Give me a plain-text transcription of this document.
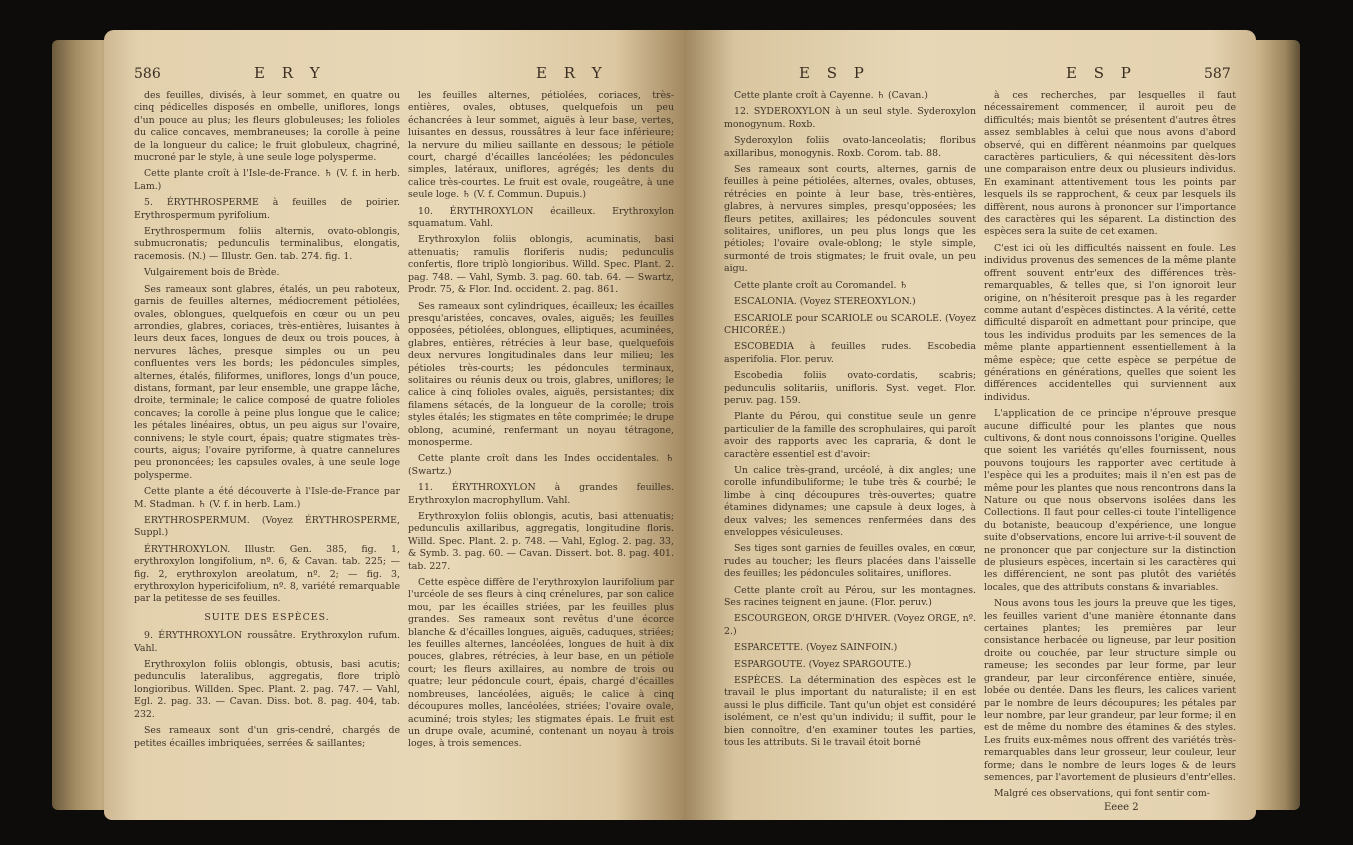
586	E R Y	E R Y

des feuilles, divisés, à leur sommet, en quatre ou cinq pédicelles disposés en ombelle, uniflores, longs d'un pouce au plus; les fleurs globuleuses; les folioles du calice concaves, membraneuses; la corolle à peine de la longueur du calice; le fruit globuleux, chagriné, mucroné par le style, à une seule loge polysperme.

Cette plante croît à l'Isle-de-France. ♄ (V. f. in herb. Lam.)

5. ÉRYTHROSPERME à feuilles de poirier. Erythrospermum pyrifolium.

Erythrospermum foliis alternis, ovato-oblongis, submucronatis; pedunculis terminalibus, elongatis, racemosis. (N.) — Illustr. Gen. tab. 274. fig. 1.

Vulgairement bois de Brède.

Ses rameaux sont glabres, étalés, un peu raboteux, garnis de feuilles alternes, médiocrement pétiolées, ovales, oblongues, quelquefois en cœur ou un peu arrondies, glabres, coriaces, très-entières, luisantes à leurs deux faces, longues de deux ou trois pouces, à nervures lâches, presque simples ou un peu confluentes vers les bords; les pédoncules simples, alternes, étalés, filiformes, uniflores, longs d'un pouce, distans, formant, par leur ensemble, une grappe lâche, droite, terminale; le calice composé de quatre folioles concaves; la corolle à peine plus longue que le calice; les pétales linéaires, obtus, un peu aigus sur l'ovaire, connivens; le style court, épais; quatre stigmates très-courts, aigus; l'ovaire pyriforme, à quatre cannelures peu prononcées; les capsules ovales, à une seule loge polysperme.

Cette plante a été découverte à l'Isle-de-France par M. Stadman. ♄ (V. f. in herb. Lam.)

ERYTHROSPERMUM. (Voyez ÉRYTHROSPERME, Suppl.)

ÉRYTHROXYLON. Illustr. Gen. 385, fig. 1, erythroxylon longifolium, nº. 6, & Cavan. tab. 225; — fig. 2, erythroxylon areolatum, nº. 2; — fig. 3, erythroxylon hypericifolium, nº. 8, variété remarquable par la petitesse de ses feuilles.

SUITE DES ESPÈCES.

9. ÉRYTHROXYLON roussâtre. Erythroxylon rufum. Vahl.

Erythroxylon foliis oblongis, obtusis, basi acutis; pedunculis lateralibus, aggregatis, flore triplò longioribus. Willden. Spec. Plant. 2. pag. 747. — Vahl, Egl. 2. pag. 33. — Cavan. Diss. bot. 8. pag. 404, tab. 232.

Ses rameaux sont d'un gris-cendré, chargés de petites écailles imbriquées, serrées & saillantes;

les feuilles alternes, pétiolées, coriaces, très-entières, ovales, obtuses, quelquefois un peu échancrées à leur sommet, aiguës à leur base, vertes, luisantes en dessus, roussâtres à leur face inférieure; la nervure du milieu saillante en dessous; le pétiole court, chargé d'écailles lancéolées; les pédoncules simples, latéraux, uniflores, agrégés; les dents du calice très-courtes. Le fruit est ovale, rougeâtre, à une seule loge. ♄ (V. f. Commun. Dupuis.)

10. ÉRYTHROXYLON écailleux. Erythroxylon squamatum. Vahl.

Erythroxylon foliis oblongis, acuminatis, basi attenuatis; ramulis floriferis nudis; pedunculis confertis, flore triplò longioribus. Willd. Spec. Plant. 2. pag. 748. — Vahl, Symb. 3. pag. 60. tab. 64. — Swartz, Prodr. 75, & Flor. Ind. occident. 2. pag. 861.

Ses rameaux sont cylindriques, écailleux; les écailles presqu'aristées, concaves, ovales, aiguës; les feuilles opposées, pétiolées, oblongues, elliptiques, acuminées, glabres, entières, rétrécies à leur base, quelquefois deux nervures longitudinales dans leur milieu; les pétioles très-courts; les pédoncules terminaux, solitaires ou réunis deux ou trois, glabres, uniflores; le calice à cinq folioles ovales, aiguës, persistantes; dix filamens sétacés, de la longueur de la corolle; trois styles étalés; les stigmates en tête comprimée; le drupe oblong, acuminé, renfermant un noyau tétragone, monosperme.

Cette plante croît dans les Indes occidentales. ♄ (Swartz.)

11. ÉRYTHROXYLON à grandes feuilles. Erythroxylon macrophyllum. Vahl.

Erythroxylon foliis oblongis, acutis, basi attenuatis; pedunculis axillaribus, aggregatis, longitudine floris. Willd. Spec. Plant. 2. p. 748. — Vahl, Eglog. 2. pag. 33, & Symb. 3. pag. 60. — Cavan. Dissert. bot. 8. pag. 401. tab. 227.

Cette espèce diffère de l'erythroxylon laurifolium par l'urcéole de ses fleurs à cinq crénelures, par son calice mou, par les écailles striées, par les feuilles plus grandes. Ses rameaux sont revêtus d'une écorce blanche & d'écailles longues, aiguës, caduques, striées; les feuilles alternes, lancéolées, longues de huit à dix pouces, glabres, rétrécies, à leur base, en un pétiole court; les fleurs axillaires, au nombre de trois ou quatre; leur pédoncule court, épais, chargé d'écailles nombreuses, lancéolées, aiguës; le calice à cinq découpures molles, lancéolées, striées; l'ovaire ovale, acuminé; trois styles; les stigmates épais. Le fruit est un drupe ovale, acuminé, contenant un noyau à trois loges, à trois semences.

E S P	E S P	587

Cette plante croît à Cayenne. ♄ (Cavan.)

12. SYDEROXYLON à un seul style. Syderoxylon monogynum. Roxb.

Syderoxylon foliis ovato-lanceolatis; floribus axillaribus, monogynis. Roxb. Corom. tab. 88.

Ses rameaux sont courts, alternes, garnis de feuilles à peine pétiolées, alternes, ovales, obtuses, rétrécies en pointe à leur base, très-entières, glabres, à nervures simples, presqu'opposées; les fleurs petites, axillaires; les pédoncules souvent solitaires, uniflores, un peu plus longs que les pétioles; l'ovaire ovale-oblong; le style simple, surmonté de trois stigmates; le fruit ovale, un peu aigu.

Cette plante croît au Coromandel. ♄

ESCALONIA. (Voyez STEREOXYLON.)

ESCARIOLE pour SCARIOLE ou SCAROLE. (Voyez CHICORÉE.)

ESCOBEDIA à feuilles rudes. Escobedia asperifolia. Flor. peruv.

Escobedia foliis ovato-cordatis, scabris; pedunculis solitariis, unifloris. Syst. veget. Flor. peruv. pag. 159.

Plante du Pérou, qui constitue seule un genre particulier de la famille des scrophulaires, qui paroît avoir des rapports avec les capraria, & dont le caractère essentiel est d'avoir:

Un calice très-grand, urcéolé, à dix angles; une corolle infundibuliforme; le tube très & courbé; le limbe à cinq découpures très-ouvertes; quatre étamines didynames; une capsule à deux loges, à deux valves; les semences renfermées dans des enveloppes vésiculeuses.

Ses tiges sont garnies de feuilles ovales, en cœur, rudes au toucher; les fleurs placées dans l'aisselle des feuilles; les pédoncules solitaires, uniflores.

Cette plante croît au Pérou, sur les montagnes. Ses racines teignent en jaune. (Flor. peruv.)

ESCOURGEON, ORGE D'HIVER. (Voyez ORGE, nº. 2.)

ESPARCETTE. (Voyez SAINFOIN.)

ESPARGOUTE. (Voyez SPARGOUTE.)

ESPÈCES. La détermination des espèces est le travail le plus important du naturaliste; il en est aussi le plus difficile. Tant qu'un objet est considéré isolément, ce n'est qu'un individu; il suffit, pour le bien connoître, d'en examiner toutes les parties, tous les attributs. Si le travail étoit borné

à ces recherches, par lesquelles il faut nécessairement commencer, il auroit peu de difficultés; mais bientôt se présentent d'autres êtres assez semblables à celui que nous avons d'abord observé, qui en diffèrent néanmoins par quelques caractères particuliers, & qui nécessitent dès-lors une comparaison entre deux ou plusieurs individus. En examinant attentivement tous les points par lesquels ils se rapprochent, & ceux par lesquels ils diffèrent, nous aurons à prononcer sur l'importance des caractères qui les séparent. La distinction des espèces sera la suite de cet examen.

C'est ici où les difficultés naissent en foule. Les individus provenus des semences de la même plante offrent souvent entr'eux des différences très-remarquables, & telles que, si l'on ignoroit leur origine, on n'hésiteroit presque pas à les regarder comme autant d'espèces distinctes. A la vérité, cette difficulté disparoît en admettant pour principe, que tous les individus produits par les semences de la même plante appartiennent essentiellement à la même espèce; que cette espèce se perpétue de générations en générations, quelles que soient les différences accidentelles qui surviennent aux individus.

L'application de ce principe n'éprouve presque aucune difficulté pour les plantes que nous cultivons, & dont nous connoissons l'origine. Quelles que soient les variétés qu'elles fournissent, nous pouvons toujours les rapporter avec certitude à l'espèce qui les a produites; mais il n'en est pas de même pour les plantes que nous rencontrons dans la Nature ou que nous observons isolées dans les Collections. Il faut pour celles-ci toute l'intelligence du botaniste, beaucoup d'expérience, une longue suite d'observations, encore lui arrive-t-il souvent de ne prononcer que par conjecture sur la distinction de plusieurs espèces, incertain si les caractères qui les différencient, ne sont pas plutôt des variétés locales, que des attributs constans & invariables.

Nous avons tous les jours la preuve que les tiges, les feuilles varient d'une manière étonnante dans certaines plantes; les premières par leur consistance herbacée ou ligneuse, par leur position droite ou couchée, par leur structure simple ou rameuse; les secondes par leur forme, par leur grandeur, par leur circonférence entière, sinuée, lobée ou dentée. Dans les fleurs, les calices varient par le nombre de leurs découpures; les pétales par leur nombre, par leur grandeur, par leur forme; il en est de même du nombre des étamines & des styles. Les fruits eux-mêmes nous offrent des variétés très-remarquables dans leur grosseur, leur couleur, leur forme; dans le nombre de leurs loges & de leurs semences, par l'avortement de plusieurs d'entr'elles.

Malgré ces observations, qui font sentir com-

Eeee 2
